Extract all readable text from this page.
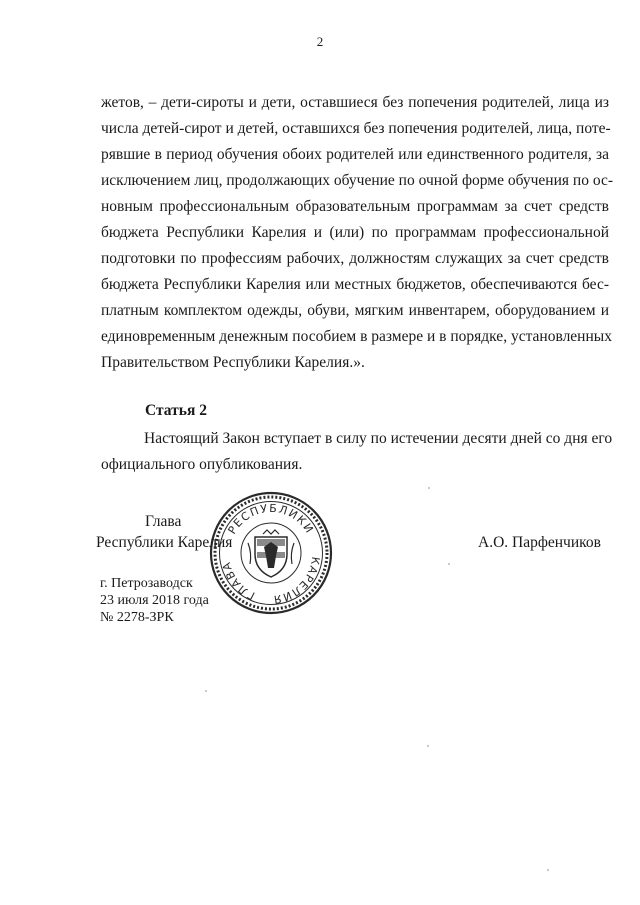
2
жетов, – дети-сироты и дети, оставшиеся без попечения родителей, лица из
числа детей-сирот и детей, оставшихся без попечения родителей, лица, поте-
рявшие в период обучения обоих родителей или единственного родителя, за
исключением лиц, продолжающих обучение по очной форме обучения по ос-
новным профессиональным образовательным программам за счет средств
бюджета Республики Карелия и (или) по программам профессиональной
подготовки по профессиям рабочих, должностям служащих за счет средств
бюджета Республики Карелия или местных бюджетов, обеспечиваются бес-
платным комплектом одежды, обуви, мягким инвентарем, оборудованием и
единовременным денежным пособием в размере и в порядке, установленных
Правительством Республики Карелия.».
Статья 2
Настоящий Закон вступает в силу по истечении десяти дней со дня его
официального опубликования.
РЕСПУБЛИКИ
ГЛАВА	КАРЕЛИЯ
Глава
Республики Карелия	А.О. Парфенчиков
г. Петрозаводск
23 июля 2018 года
№ 2278-ЗРК
